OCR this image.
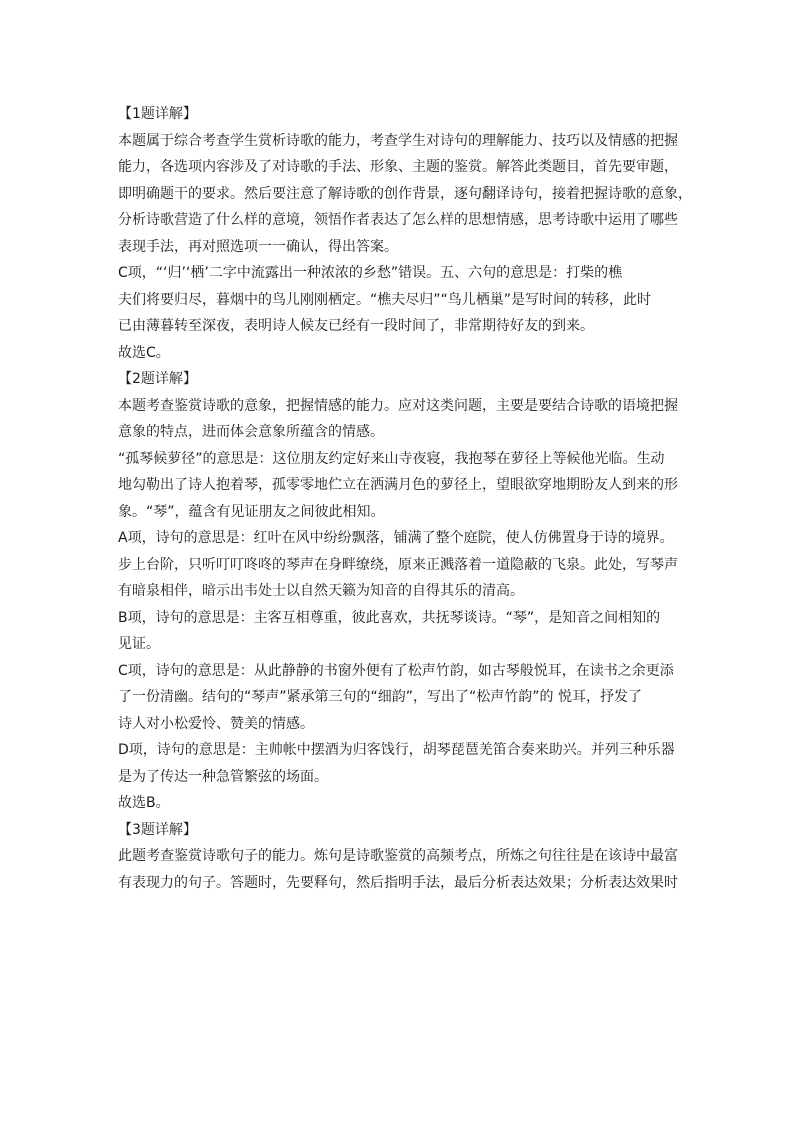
【1题详解】
本题属于综合考查学生赏析诗歌的能力，考查学生对诗句的理解能力、技巧以及情感的把握
能力，各选项内容涉及了对诗歌的手法、形象、主题的鉴赏。解答此类题目，首先要审题，
即明确题干的要求。然后要注意了解诗歌的创作背景，逐句翻译诗句，接着把握诗歌的意象，
分析诗歌营造了什么样的意境，领悟作者表达了怎么样的思想情感，思考诗歌中运用了哪些
表现手法，再对照选项一一确认，得出答案。
C项，“‘归’‘栖’二字中流露出一种浓浓的乡愁”错误。五、六句的意思是：打柴的樵
夫们将要归尽，暮烟中的鸟儿刚刚栖定。“樵夫尽归”“鸟儿栖巢”是写时间的转移，此时
已由薄暮转至深夜，表明诗人候友已经有一段时间了，非常期待好友的到来。
故选C。
【2题详解】
本题考查鉴赏诗歌的意象，把握情感的能力。应对这类问题，主要是要结合诗歌的语境把握
意象的特点，进而体会意象所蕴含的情感。
“孤琴候萝径”的意思是：这位朋友约定好来山寺夜寝，我抱琴在萝径上等候他光临。生动
地勾勒出了诗人抱着琴，孤零零地伫立在洒满月色的萝径上，望眼欲穿地期盼友人到来的形
象。“琴”，蕴含有见证朋友之间彼此相知。
A项，诗句的意思是：红叶在风中纷纷飘落，铺满了整个庭院，使人仿佛置身于诗的境界。
步上台阶，只听叮叮咚咚的琴声在身畔缭绕，原来正溅落着一道隐蔽的飞泉。此处，写琴声
有暗泉相伴，暗示出韦处士以自然天籁为知音的自得其乐的清高。
B项，诗句的意思是：主客互相尊重，彼此喜欢，共抚琴谈诗。“琴”，是知音之间相知的
见证。
C项，诗句的意思是：从此静静的书窗外便有了松声竹韵，如古琴般悦耳，在读书之余更添
了一份清幽。结句的“琴声”紧承第三句的“细韵”，写出了“松声竹韵”的 悦耳，抒发了
诗人对小松爱怜、赞美的情感。
D项，诗句的意思是：主帅帐中摆酒为归客饯行，胡琴琵琶羌笛合奏来助兴。并列三种乐器
是为了传达一种急管繁弦的场面。
故选B。
【3题详解】
此题考查鉴赏诗歌句子的能力。炼句是诗歌鉴赏的高频考点，所炼之句往往是在该诗中最富
有表现力的句子。答题时，先要释句，然后指明手法，最后分析表达效果；分析表达效果时
